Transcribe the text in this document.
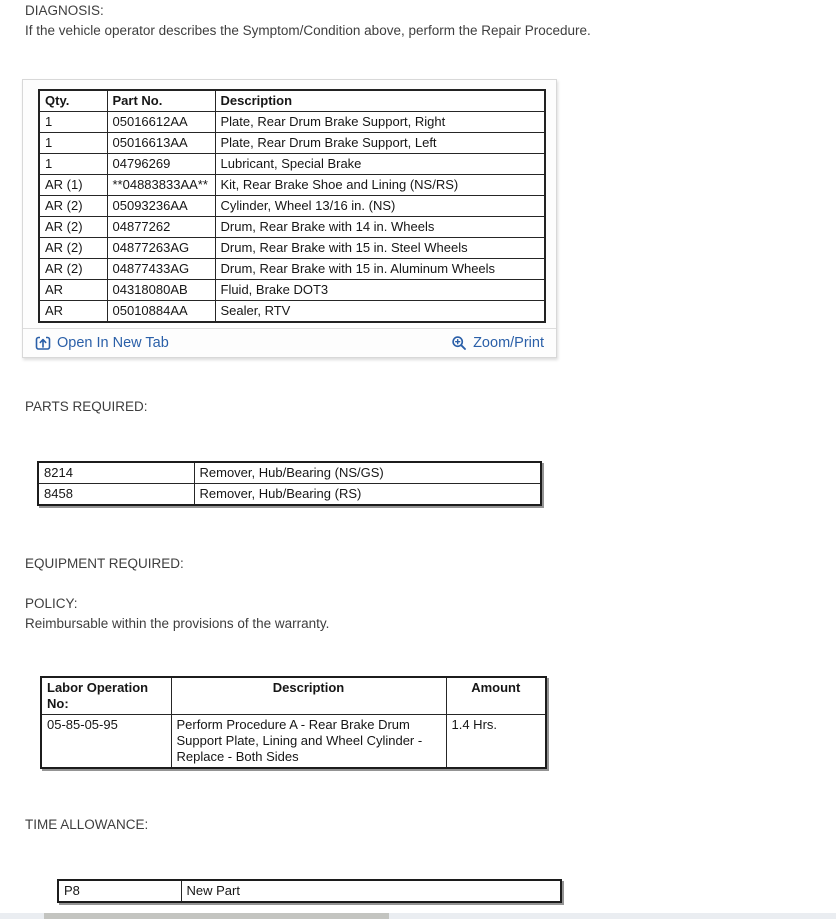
DIAGNOSIS:
If the vehicle operator describes the Symptom/Condition above, perform the Repair Procedure.
Qty.	Part No.	Description
1	05016612AA	Plate, Rear Drum Brake Support, Right
1	05016613AA	Plate, Rear Drum Brake Support, Left
1	04796269	Lubricant, Special Brake
AR (1)	**04883833AA**	Kit, Rear Brake Shoe and Lining (NS/RS)
AR (2)	05093236AA	Cylinder, Wheel 13/16 in. (NS)
AR (2)	04877262	Drum, Rear Brake with 14 in. Wheels
AR (2)	04877263AG	Drum, Rear Brake with 15 in. Steel Wheels
AR (2)	04877433AG	Drum, Rear Brake with 15 in. Aluminum Wheels
AR	04318080AB	Fluid, Brake DOT3
AR	05010884AA	Sealer, RTV
Open In New Tab	Zoom/Print
PARTS REQUIRED:
8214	Remover, Hub/Bearing (NS/GS)
8458	Remover, Hub/Bearing (RS)
EQUIPMENT REQUIRED:
POLICY:
Reimbursable within the provisions of the warranty.
Labor Operation No:	Description	Amount
05-85-05-95	Perform Procedure A - Rear Brake Drum Support Plate, Lining and Wheel Cylinder - Replace - Both Sides	1.4 Hrs.
TIME ALLOWANCE:
P8	New Part
